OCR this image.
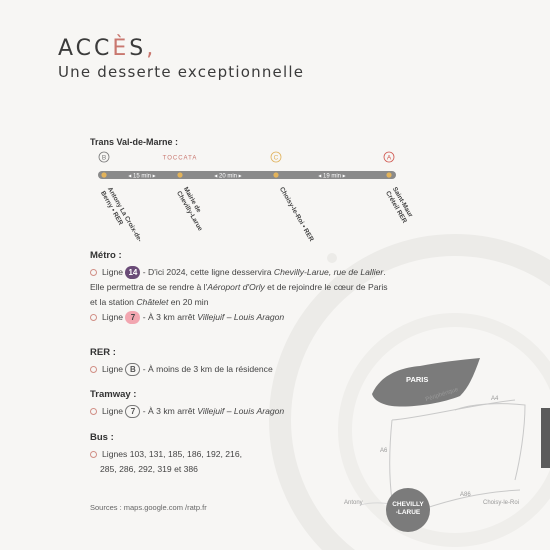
ACCÈS,
Une desserte exceptionnelle
Trans Val-de-Marne :
B	TOCCATA	C	A
◂ 15 min ▸	◂ 20 min ▸	◂ 19 min ▸
Antony La Croix-de-Berny • RER	Mairie de Chevilly-Larue	Choisy-le-Roi • RER	Saint-Maur Créteil RER
Métro :
Ligne 14 - D'ici 2024, cette ligne desservira Chevilly-Larue, rue de Lallier. Elle permettra de se rendre à l'Aéroport d'Orly et de rejoindre le cœur de Paris et la station Châtelet en 20 min
Ligne 7 - À 3 km arrêt Villejuif – Louis Aragon
RER :
Ligne B - À moins de 3 km de la résidence
Tramway :
Ligne 7 - À 3 km arrêt Villejuif – Louis Aragon
Bus :
Lignes 103, 131, 185, 186, 192, 216,
285, 286, 292, 319 et 386
Sources : maps.google.com /ratp.fr
PARIS
Périphérique	A4
A6
A86
Antony	Choisy-le-Roi
CHEVILLY
-LARUE
